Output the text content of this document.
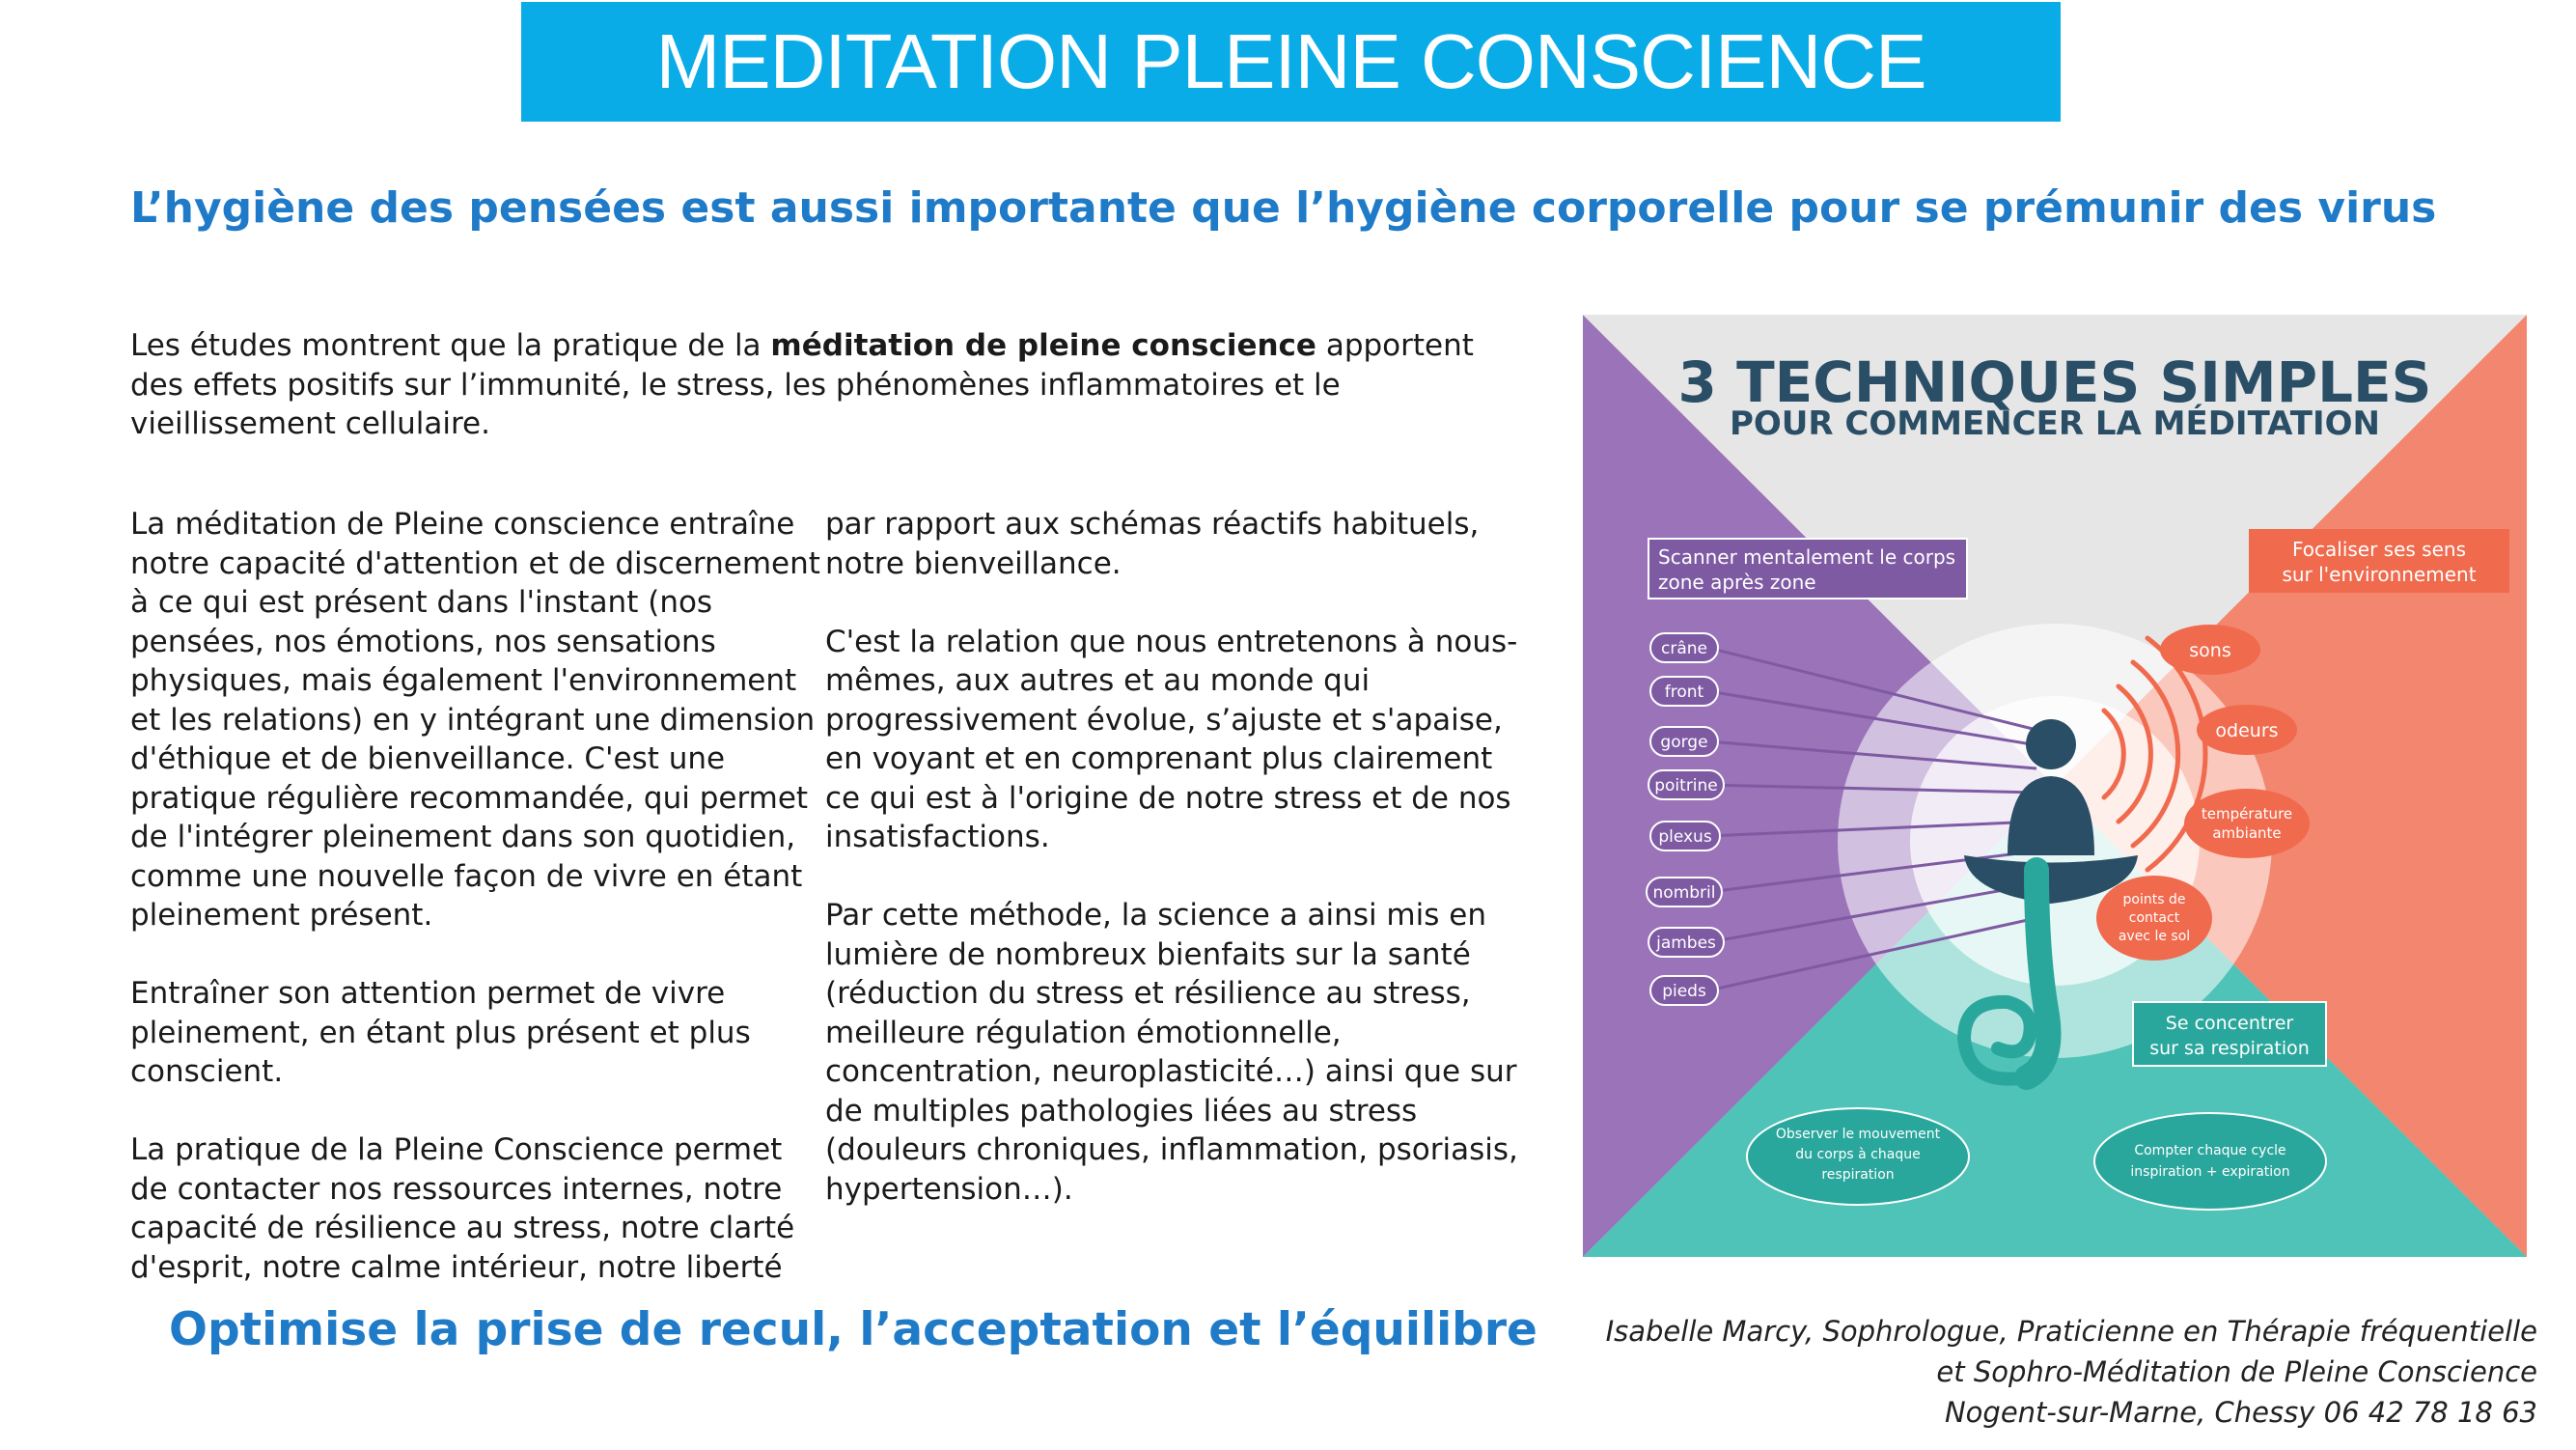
MEDITATION PLEINE CONSCIENCE

L’hygiène des pensées est aussi importante que l’hygiène corporelle pour se prémunir des virus

Les études montrent que la pratique de la méditation de pleine conscience apportent des effets positifs sur l’immunité, le stress, les phénomènes inflammatoires et le vieillissement cellulaire.

La méditation de Pleine conscience entraîne notre capacité d'attention et de discernement à ce qui est présent dans l'instant (nos pensées, nos émotions, nos sensations physiques, mais également l'environnement et les relations) en y intégrant une dimension d'éthique et de bienveillance. C'est une pratique régulière recommandée, qui permet de l'intégrer pleinement dans son quotidien, comme une nouvelle façon de vivre en étant pleinement présent.

Entraîner son attention permet de vivre pleinement, en étant plus présent et plus conscient.

La pratique de la Pleine Conscience permet de contacter nos ressources internes, notre capacité de résilience au stress, notre clarté d'esprit, notre calme intérieur, notre liberté

par rapport aux schémas réactifs habituels, notre bienveillance.

C'est la relation que nous entretenons à nous-mêmes, aux autres et au monde qui progressivement évolue, s’ajuste et s'apaise, en voyant et en comprenant plus clairement ce qui est à l'origine de notre stress et de nos insatisfactions.

Par cette méthode, la science a ainsi mis en lumière de nombreux bienfaits sur la santé (réduction du stress et résilience au stress, meilleure régulation émotionnelle, concentration, neuroplasticité…) ainsi que sur de multiples pathologies liées au stress (douleurs chroniques, inflammation, psoriasis, hypertension…).

Optimise la prise de recul, l’acceptation et l’équilibre Isabelle Marcy, Sophrologue, Praticienne en Thérapie fréquentielle
et Sophro-Méditation de Pleine Conscience
Nogent-sur-Marne, Chessy 06 42 78 18 63
3 TECHNIQUES SIMPLES
POUR COMMENCER LA MÉDITATION
Scanner mentalement le corps
zone après zone
Focaliser ses sens
sur l'environnement
crâne
front
gorge
poitrine
plexus
nombril
jambes
pieds
sons
odeurs
température
ambiante
points de
contact
avec le sol
Se concentrer
sur sa respiration
Observer le mouvement
du corps à chaque
respiration
Compter chaque cycle
inspiration + expiration
